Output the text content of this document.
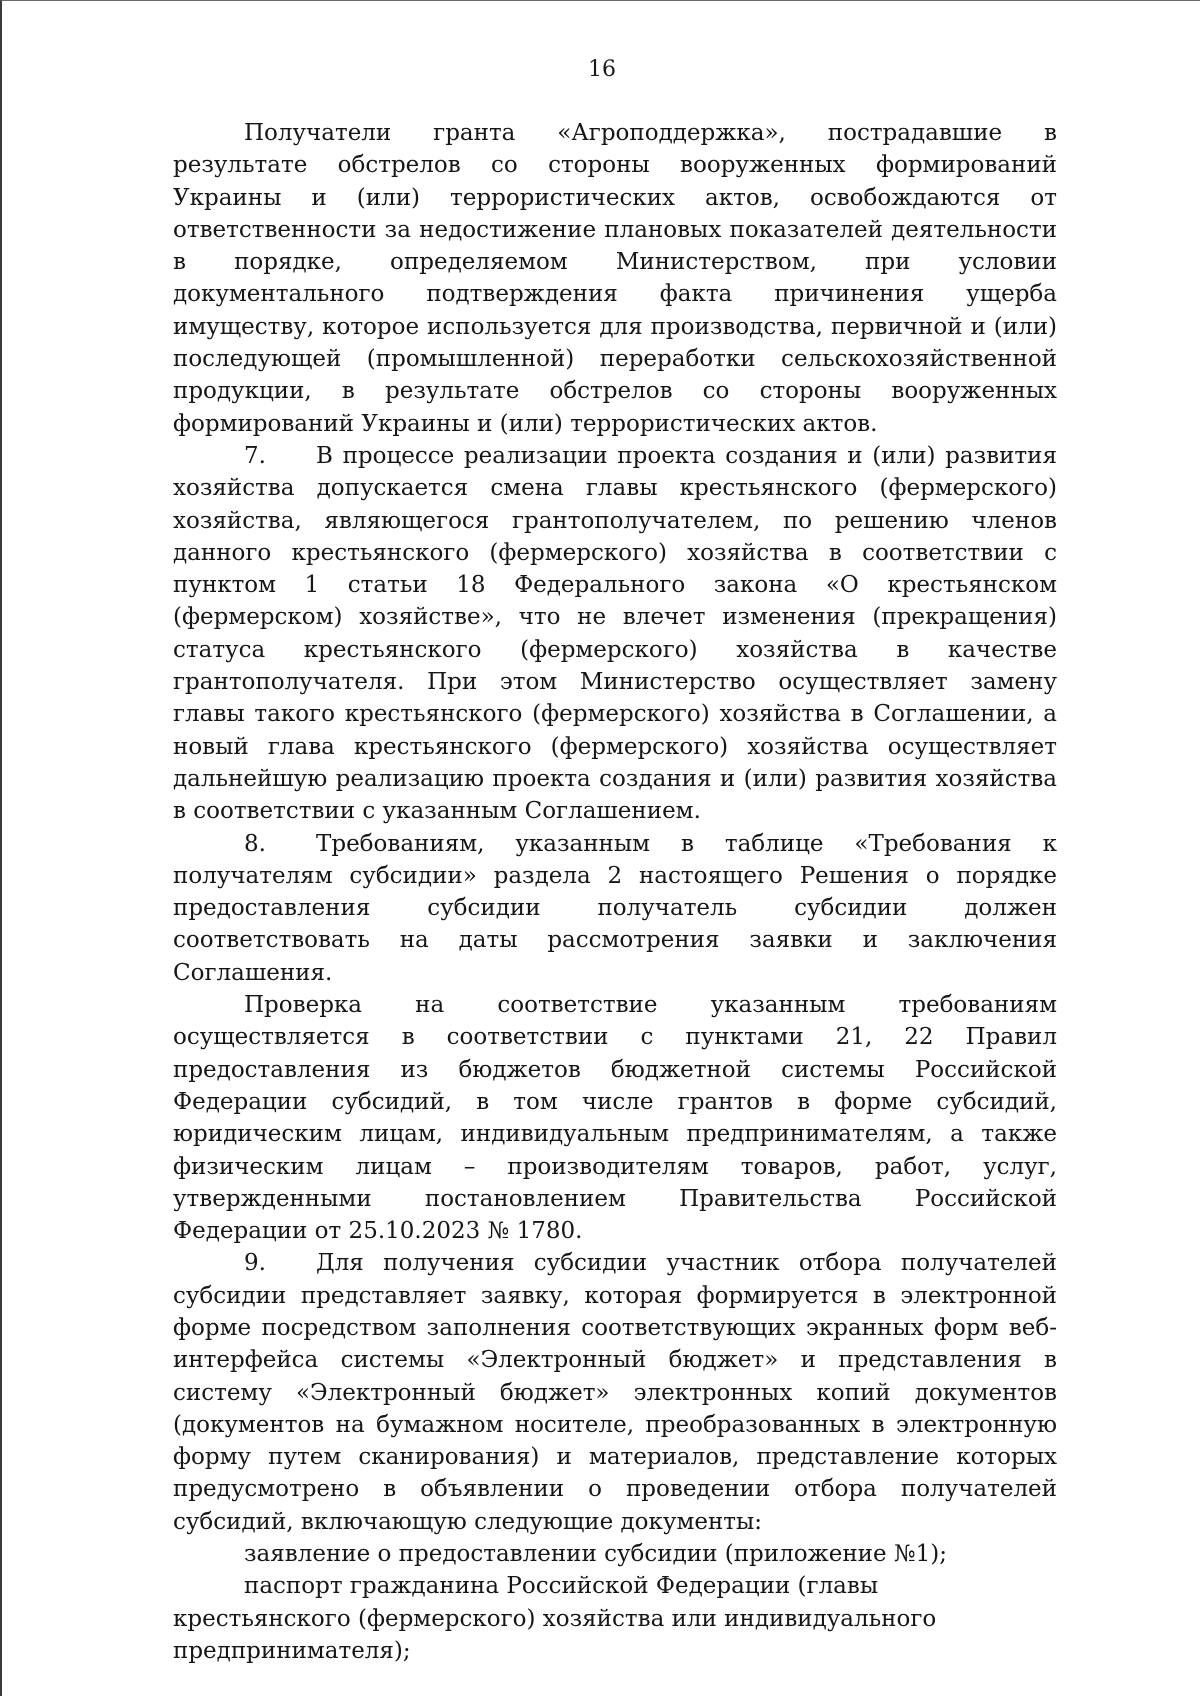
16

Получатели гранта «Агроподдержка», пострадавшие в результате обстрелов со стороны вооруженных формирований Украины и (или) террористических актов, освобождаются от ответственности за недостижение плановых показателей деятельности в порядке, определяемом Министерством, при условии документального подтверждения факта причинения ущерба имуществу, которое используется для производства, первичной и (или) последующей (промышленной) переработки сельскохозяйственной продукции, в результате обстрелов со стороны вооруженных формирований Украины и (или) террористических актов.

7. В процессе реализации проекта создания и (или) развития хозяйства допускается смена главы крестьянского (фермерского) хозяйства, являющегося грантополучателем, по решению членов данного крестьянского (фермерского) хозяйства в соответствии с пунктом 1 статьи 18 Федерального закона «О крестьянском (фермерском) хозяйстве», что не влечет изменения (прекращения) статуса крестьянского (фермерского) хозяйства в качестве грантополучателя. При этом Министерство осуществляет замену главы такого крестьянского (фермерского) хозяйства в Соглашении, а новый глава крестьянского (фермерского) хозяйства осуществляет дальнейшую реализацию проекта создания и (или) развития хозяйства в соответствии с указанным Соглашением.

8. Требованиям, указанным в таблице «Требования к получателям субсидии» раздела 2 настоящего Решения о порядке предоставления субсидии получатель субсидии должен соответствовать на даты рассмотрения заявки и заключения Соглашения.

Проверка на соответствие указанным требованиям осуществляется в соответствии с пунктами 21, 22 Правил предоставления из бюджетов бюджетной системы Российской Федерации субсидий, в том числе грантов в форме субсидий, юридическим лицам, индивидуальным предпринимателям, а также физическим лицам – производителям товаров, работ, услуг, утвержденными постановлением Правительства Российской Федерации от 25.10.2023 № 1780.

9. Для получения субсидии участник отбора получателей субсидии представляет заявку, которая формируется в электронной форме посредством заполнения соответствующих экранных форм веб-интерфейса системы «Электронный бюджет» и представления в систему «Электронный бюджет» электронных копий документов (документов на бумажном носителе, преобразованных в электронную форму путем сканирования) и материалов, представление которых предусмотрено в объявлении о проведении отбора получателей субсидий, включающую следующие документы:

заявление о предоставлении субсидии (приложение №1);

паспорт гражданина Российской Федерации (главы крестьянского (фермерского) хозяйства или индивидуального предпринимателя);
